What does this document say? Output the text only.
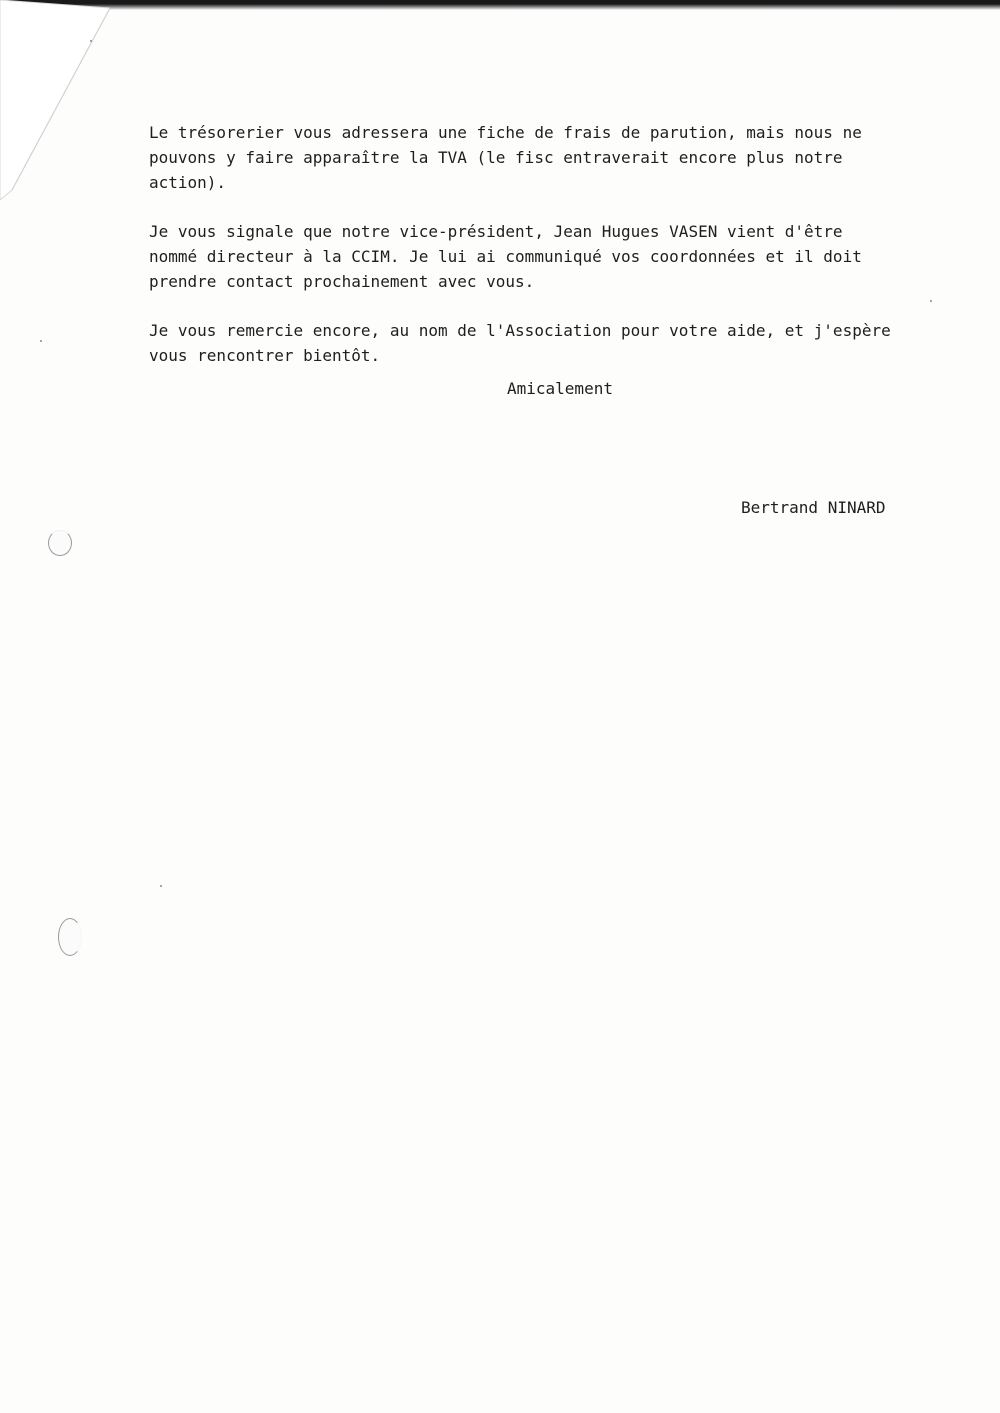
Le trésorerier vous adressera une fiche de frais de parution, mais nous ne
pouvons y faire apparaître la TVA (le fisc entraverait encore plus notre
action).

Je vous signale que notre vice-président, Jean Hugues VASEN vient d'être
nommé directeur à la CCIM. Je lui ai communiqué vos coordonnées et il doit
prendre contact prochainement avec vous.

Je vous remercie encore, au nom de l'Association pour votre aide, et j'espère
vous rencontrer bientôt.

Amicalement
Bertrand NINARD
